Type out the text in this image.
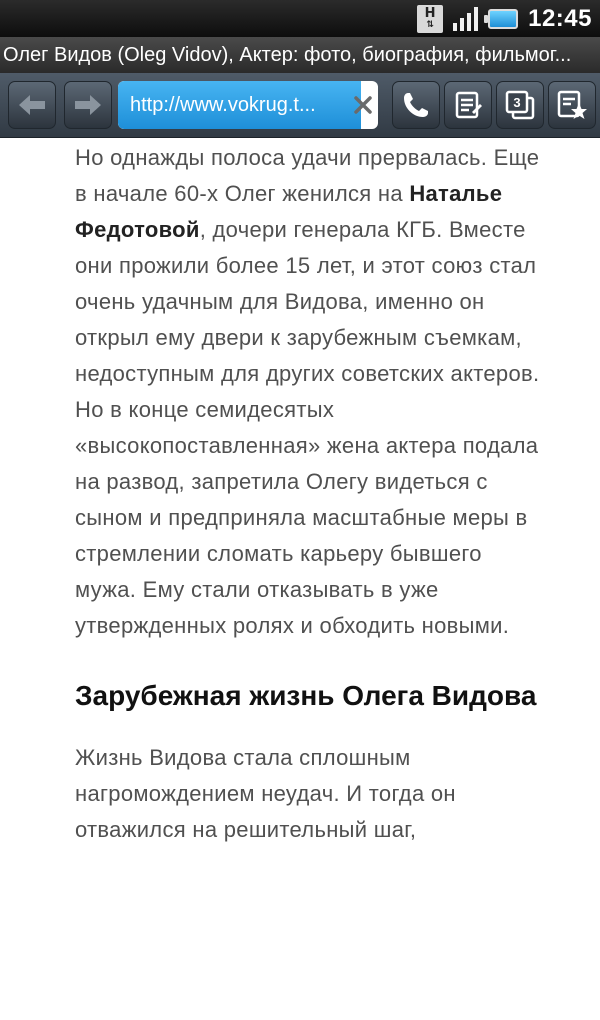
H
⇅	12:45
Олег Видов (Oleg Vidov), Актер: фото, биография, фильмог...
http://www.vokrug.t...	3

Но однажды полоса удачи прервалась. Еще в начале 60-х Олег женился на Наталье Федотовой, дочери генерала КГБ. Вместе они прожили более 15 лет, и этот союз стал очень удачным для Видова, именно он открыл ему двери к зарубежным съемкам, недоступным для других советских актеров. Но в конце семидесятых «высокопоставленная» жена актера подала на развод, запретила Олегу видеться с сыном и предприняла масштабные меры в стремлении сломать карьеру бывшего мужа. Ему стали отказывать в уже утвержденных ролях и обходить новыми.

Зарубежная жизнь Олега Видова

Жизнь Видова стала сплошным нагромождением неудач. И тогда он отважился на решительный шаг,
